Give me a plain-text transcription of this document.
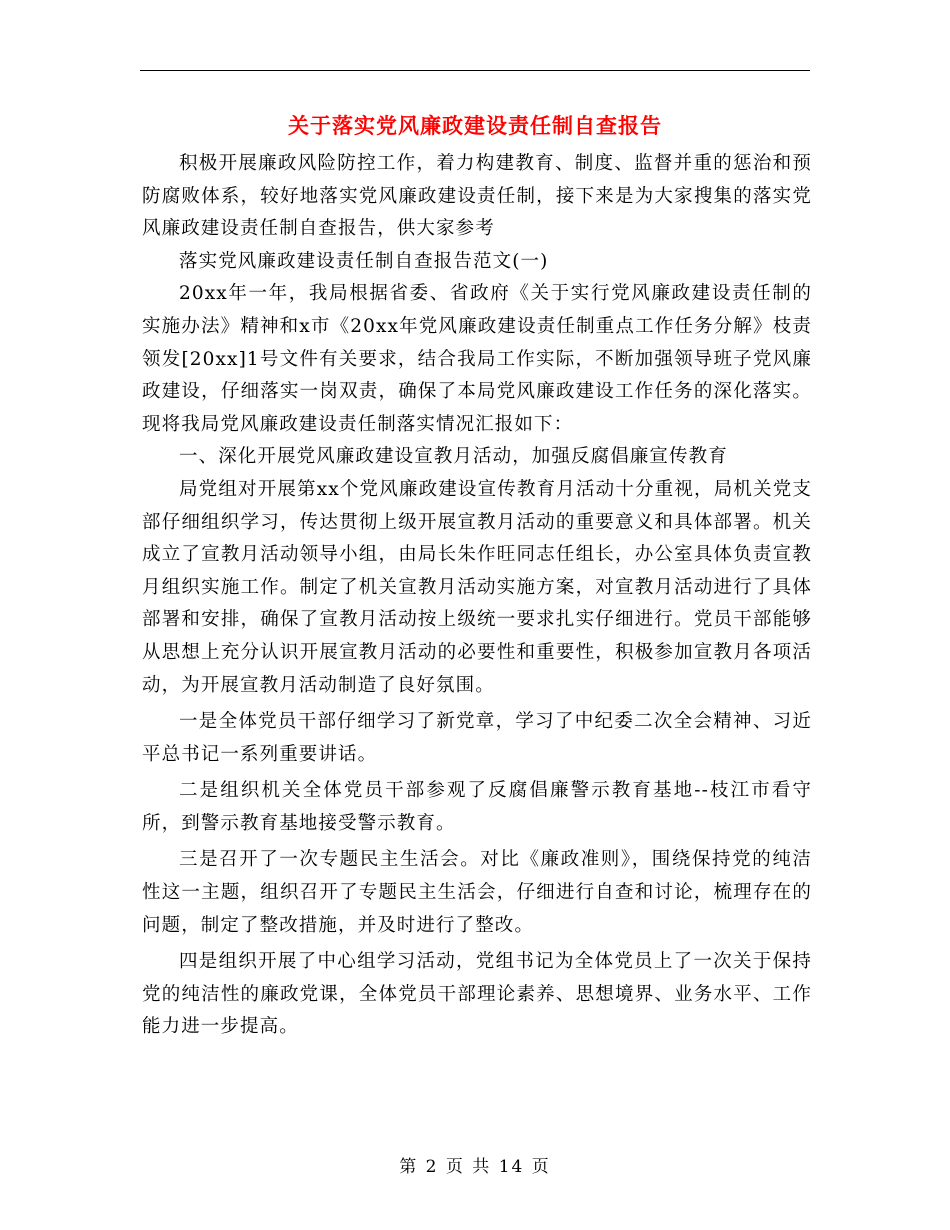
关于落实党风廉政建设责任制自查报告

积极开展廉政风险防控工作，着力构建教育、制度、监督并重的惩治和预防腐败体系，较好地落实党风廉政建设责任制，接下来是为大家搜集的落实党风廉政建设责任制自查报告，供大家参考

落实党风廉政建设责任制自查报告范文(一)

20xx年一年，我局根据省委、省政府《关于实行党风廉政建设责任制的实施办法》精神和x市《20xx年党风廉政建设责任制重点工作任务分解》枝责领发[20xx]1号文件有关要求，结合我局工作实际，不断加强领导班子党风廉政建设，仔细落实一岗双责，确保了本局党风廉政建设工作任务的深化落实。现将我局党风廉政建设责任制落实情况汇报如下：

一、深化开展党风廉政建设宣教月活动，加强反腐倡廉宣传教育

局党组对开展第xx个党风廉政建设宣传教育月活动十分重视，局机关党支部仔细组织学习，传达贯彻上级开展宣教月活动的重要意义和具体部署。机关成立了宣教月活动领导小组，由局长朱作旺同志任组长，办公室具体负责宣教月组织实施工作。制定了机关宣教月活动实施方案，对宣教月活动进行了具体部署和安排，确保了宣教月活动按上级统一要求扎实仔细进行。党员干部能够从思想上充分认识开展宣教月活动的必要性和重要性，积极参加宣教月各项活动，为开展宣教月活动制造了良好氛围。

一是全体党员干部仔细学习了新党章，学习了中纪委二次全会精神、习近平总书记一系列重要讲话。

二是组织机关全体党员干部参观了反腐倡廉警示教育基地--枝江市看守所，到警示教育基地接受警示教育。

三是召开了一次专题民主生活会。对比《廉政准则》，围绕保持党的纯洁性这一主题，组织召开了专题民主生活会，仔细进行自查和讨论，梳理存在的问题，制定了整改措施，并及时进行了整改。

四是组织开展了中心组学习活动，党组书记为全体党员上了一次关于保持党的纯洁性的廉政党课，全体党员干部理论素养、思想境界、业务水平、工作能力进一步提高。

第 2 页 共 14 页
